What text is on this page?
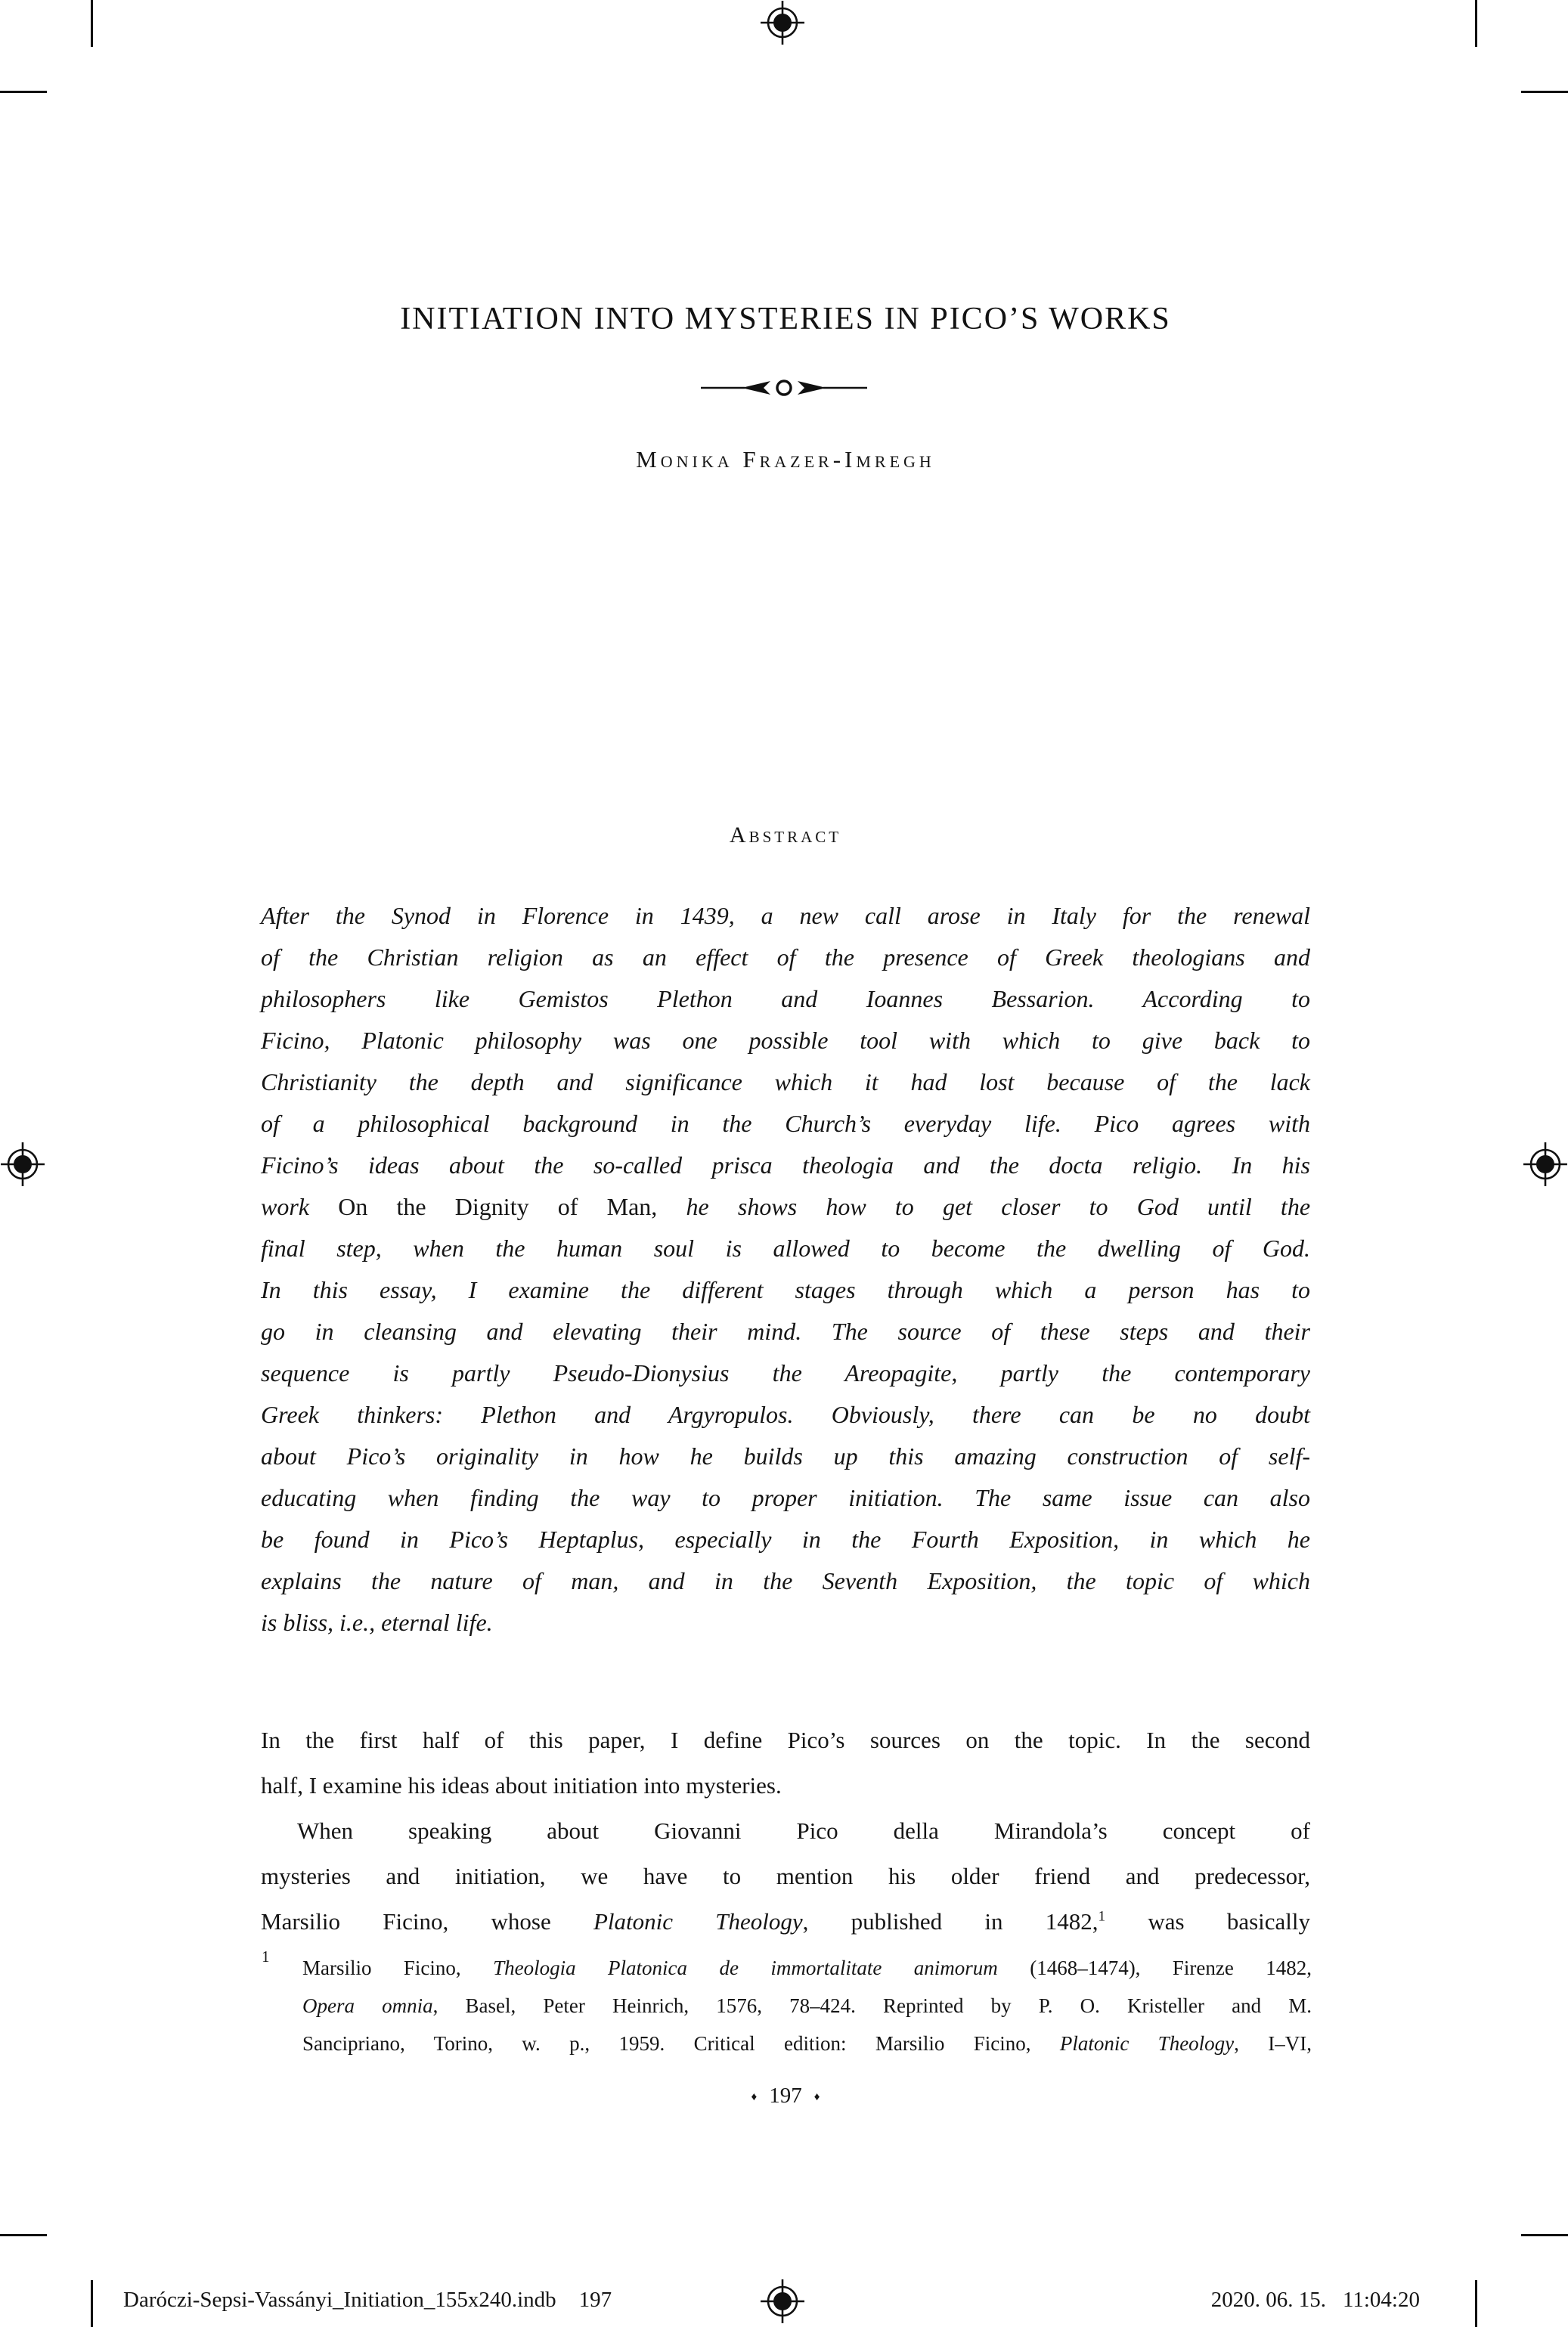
INITIATION INTO MYSTERIES IN PICO’S WORKS
Monika Frazer-Imregh
Abstract
After the Synod in Florence in 1439, a new call arose in Italy for the renewal
of the Christian religion as an effect of the presence of Greek theologians and
philosophers like Gemistos Plethon and Ioannes Bessarion. According to
Ficino, Platonic philosophy was one possible tool with which to give back to
Christianity the depth and significance which it had lost because of the lack
of a philosophical background in the Church’s everyday life. Pico agrees with
Ficino’s ideas about the so-called prisca theologia and the docta religio. In his
work On the Dignity of Man, he shows how to get closer to God until the
final step, when the human soul is allowed to become the dwelling of God.
In this essay, I examine the different stages through which a person has to
go in cleansing and elevating their mind. The source of these steps and their
sequence is partly Pseudo-Dionysius the Areopagite, partly the contemporary
Greek thinkers: Plethon and Argyropulos. Obviously, there can be no doubt
about Pico’s originality in how he builds up this amazing construction of self-
educating when finding the way to proper initiation. The same issue can also
be found in Pico’s Heptaplus, especially in the Fourth Exposition, in which he
explains the nature of man, and in the Seventh Exposition, the topic of which
is bliss, i.e., eternal life.
In the first half of this paper, I define Pico’s sources on the topic. In the second
half, I examine his ideas about initiation into mysteries.
When speaking about Giovanni Pico della Mirandola’s concept of
mysteries and initiation, we have to mention his older friend and predecessor,
Marsilio Ficino, whose Platonic Theology, published in 1482,$^1$ was basically
1 Marsilio Ficino, Theologia Platonica de immortalitate animorum (1468–1474), Firenze 1482,
Opera omnia, Basel, Peter Heinrich, 1576, 78–424. Reprinted by P. O. Kristeller and M.
Sancipriano, Torino, w. p., 1959. Critical edition: Marsilio Ficino, Platonic Theology, I–VI,
♦ 197 ♦
Daróczi-Sepsi-Vassányi_Initiation_155x240.indb 197	2020. 06. 15. 11:04:20
